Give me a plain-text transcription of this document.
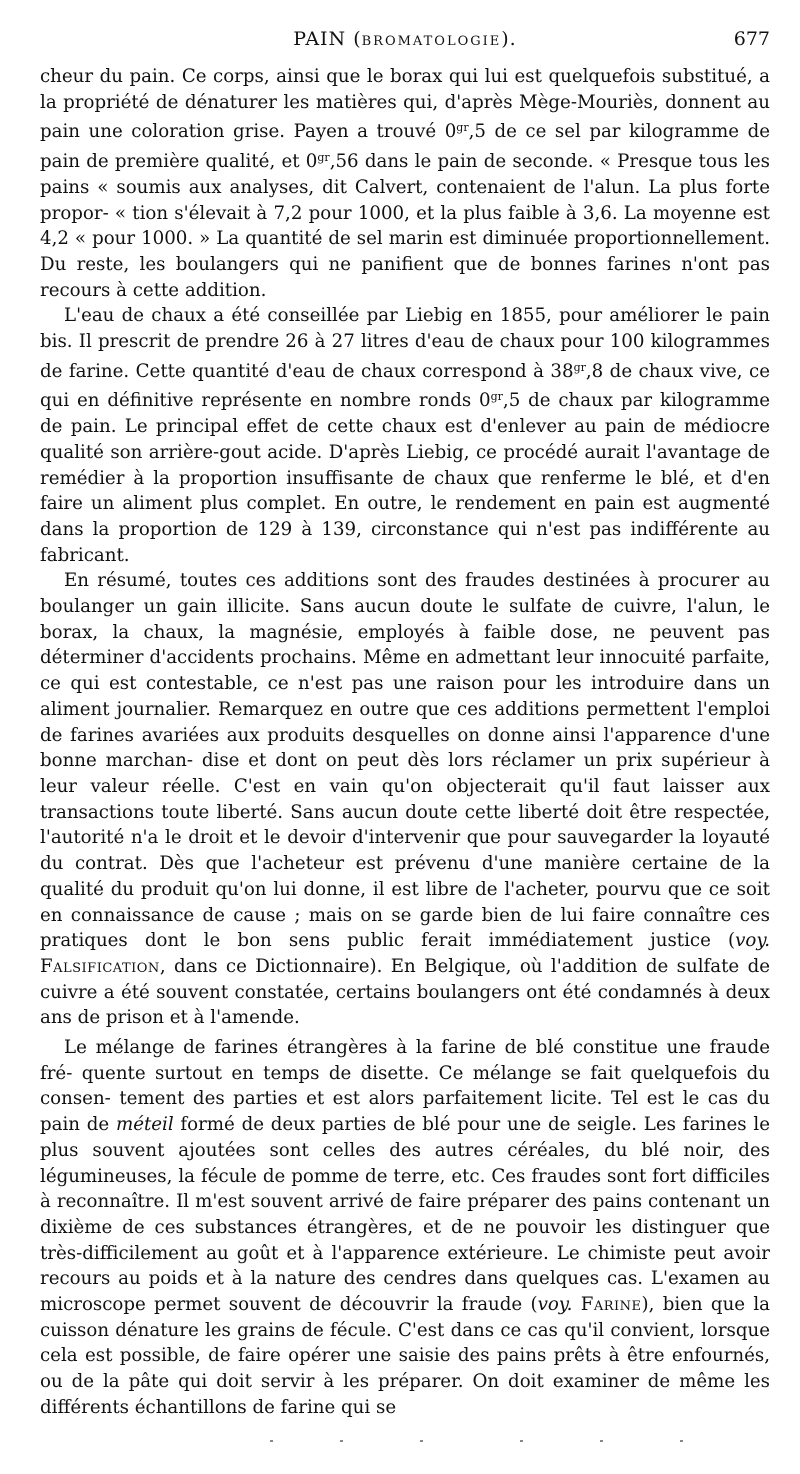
PAIN (BROMATOLOGIE).	677

cheur du pain. Ce corps, ainsi que le borax qui lui est quelquefois substitué, a la propriété de dénaturer les matières qui, d'après Mège-Mouriès, donnent au pain une coloration grise. Payen a trouvé $0^{gr},5$ de ce sel par kilogramme de pain de première qualité, et $0^{gr},56$ dans le pain de seconde. « Presque tous les pains « soumis aux analyses, dit Calvert, contenaient de l'alun. La plus forte propor- « tion s'élevait à 7,2 pour 1000, et la plus faible à 3,6. La moyenne est 4,2 « pour 1000. » La quantité de sel marin est diminuée proportionnellement. Du reste, les boulangers qui ne panifient que de bonnes farines n'ont pas recours à cette addition.

L'eau de chaux a été conseillée par Liebig en 1855, pour améliorer le pain bis. Il prescrit de prendre 26 à 27 litres d'eau de chaux pour 100 kilogrammes de farine. Cette quantité d'eau de chaux correspond à $38^{gr},8$ de chaux vive, ce qui en définitive représente en nombre ronds $0^{gr},5$ de chaux par kilogramme de pain. Le principal effet de cette chaux est d'enlever au pain de médiocre qualité son arrière-gout acide. D'après Liebig, ce procédé aurait l'avantage de remédier à la proportion insuffisante de chaux que renferme le blé, et d'en faire un aliment plus complet. En outre, le rendement en pain est augmenté dans la proportion de 129 à 139, circonstance qui n'est pas indifférente au fabricant.

En résumé, toutes ces additions sont des fraudes destinées à procurer au boulanger un gain illicite. Sans aucun doute le sulfate de cuivre, l'alun, le borax, la chaux, la magnésie, employés à faible dose, ne peuvent pas déterminer d'accidents prochains. Même en admettant leur innocuité parfaite, ce qui est contestable, ce n'est pas une raison pour les introduire dans un aliment journalier. Remarquez en outre que ces additions permettent l'emploi de farines avariées aux produits desquelles on donne ainsi l'apparence d'une bonne marchan- dise et dont on peut dès lors réclamer un prix supérieur à leur valeur réelle. C'est en vain qu'on objecterait qu'il faut laisser aux transactions toute liberté. Sans aucun doute cette liberté doit être respectée, l'autorité n'a le droit et le devoir d'intervenir que pour sauvegarder la loyauté du contrat. Dès que l'acheteur est prévenu d'une manière certaine de la qualité du produit qu'on lui donne, il est libre de l'acheter, pourvu que ce soit en connaissance de cause ; mais on se garde bien de lui faire connaître ces pratiques dont le bon sens public ferait immédiatement justice (voy. Falsification, dans ce Dictionnaire). En Belgique, où l'addition de sulfate de cuivre a été souvent constatée, certains boulangers ont été condamnés à deux ans de prison et à l'amende.

Le mélange de farines étrangères à la farine de blé constitue une fraude fré- quente surtout en temps de disette. Ce mélange se fait quelquefois du consen- tement des parties et est alors parfaitement licite. Tel est le cas du pain de méteil formé de deux parties de blé pour une de seigle. Les farines le plus souvent ajoutées sont celles des autres céréales, du blé noir, des légumineuses, la fécule de pomme de terre, etc. Ces fraudes sont fort difficiles à reconnaître. Il m'est souvent arrivé de faire préparer des pains contenant un dixième de ces substances étrangères, et de ne pouvoir les distinguer que très-difficilement au goût et à l'apparence extérieure. Le chimiste peut avoir recours au poids et à la nature des cendres dans quelques cas. L'examen au microscope permet souvent de découvrir la fraude (voy. Farine), bien que la cuisson dénature les grains de fécule. C'est dans ce cas qu'il convient, lorsque cela est possible, de faire opérer une saisie des pains prêts à être enfournés, ou de la pâte qui doit servir à les préparer. On doit examiner de même les différents échantillons de farine qui se
